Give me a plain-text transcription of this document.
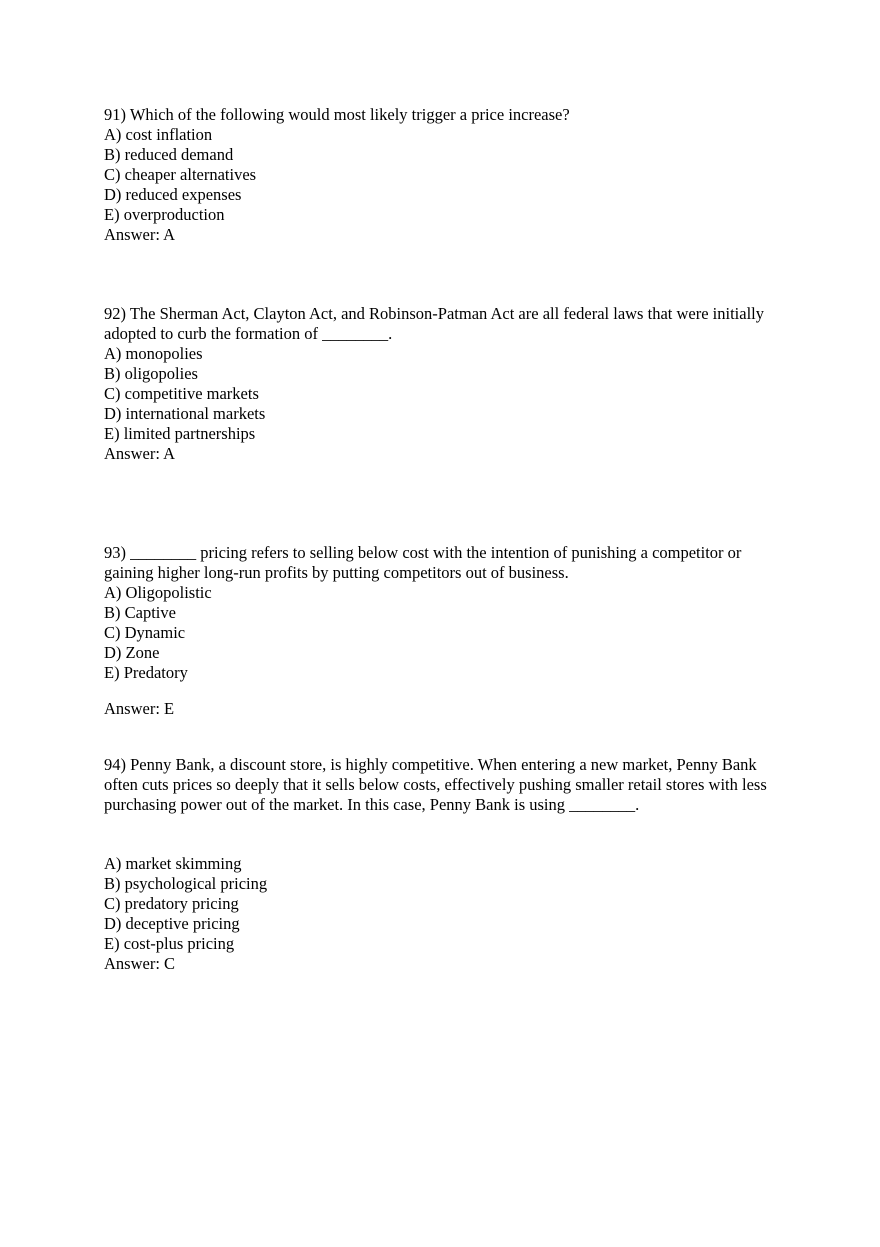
91) Which of the following would most likely trigger a price increase?

A) cost inflation
B) reduced demand
C) cheaper alternatives
D) reduced expenses
E) overproduction

Answer: A

92) The Sherman Act, Clayton Act, and Robinson-Patman Act are all federal laws that were initially adopted to curb the formation of ________.

A) monopolies
B) oligopolies
C) competitive markets
D) international markets
E) limited partnerships

Answer: A

93) ________ pricing refers to selling below cost with the intention of punishing a competitor or gaining higher long-run profits by putting competitors out of business.

A) Oligopolistic
B) Captive
C) Dynamic
D) Zone
E) Predatory

Answer: E

94) Penny Bank, a discount store, is highly competitive. When entering a new market, Penny Bank often cuts prices so deeply that it sells below costs, effectively pushing smaller retail stores with less purchasing power out of the market. In this case, Penny Bank is using ________.

A) market skimming
B) psychological pricing
C) predatory pricing
D) deceptive pricing
E) cost-plus pricing

Answer: C
